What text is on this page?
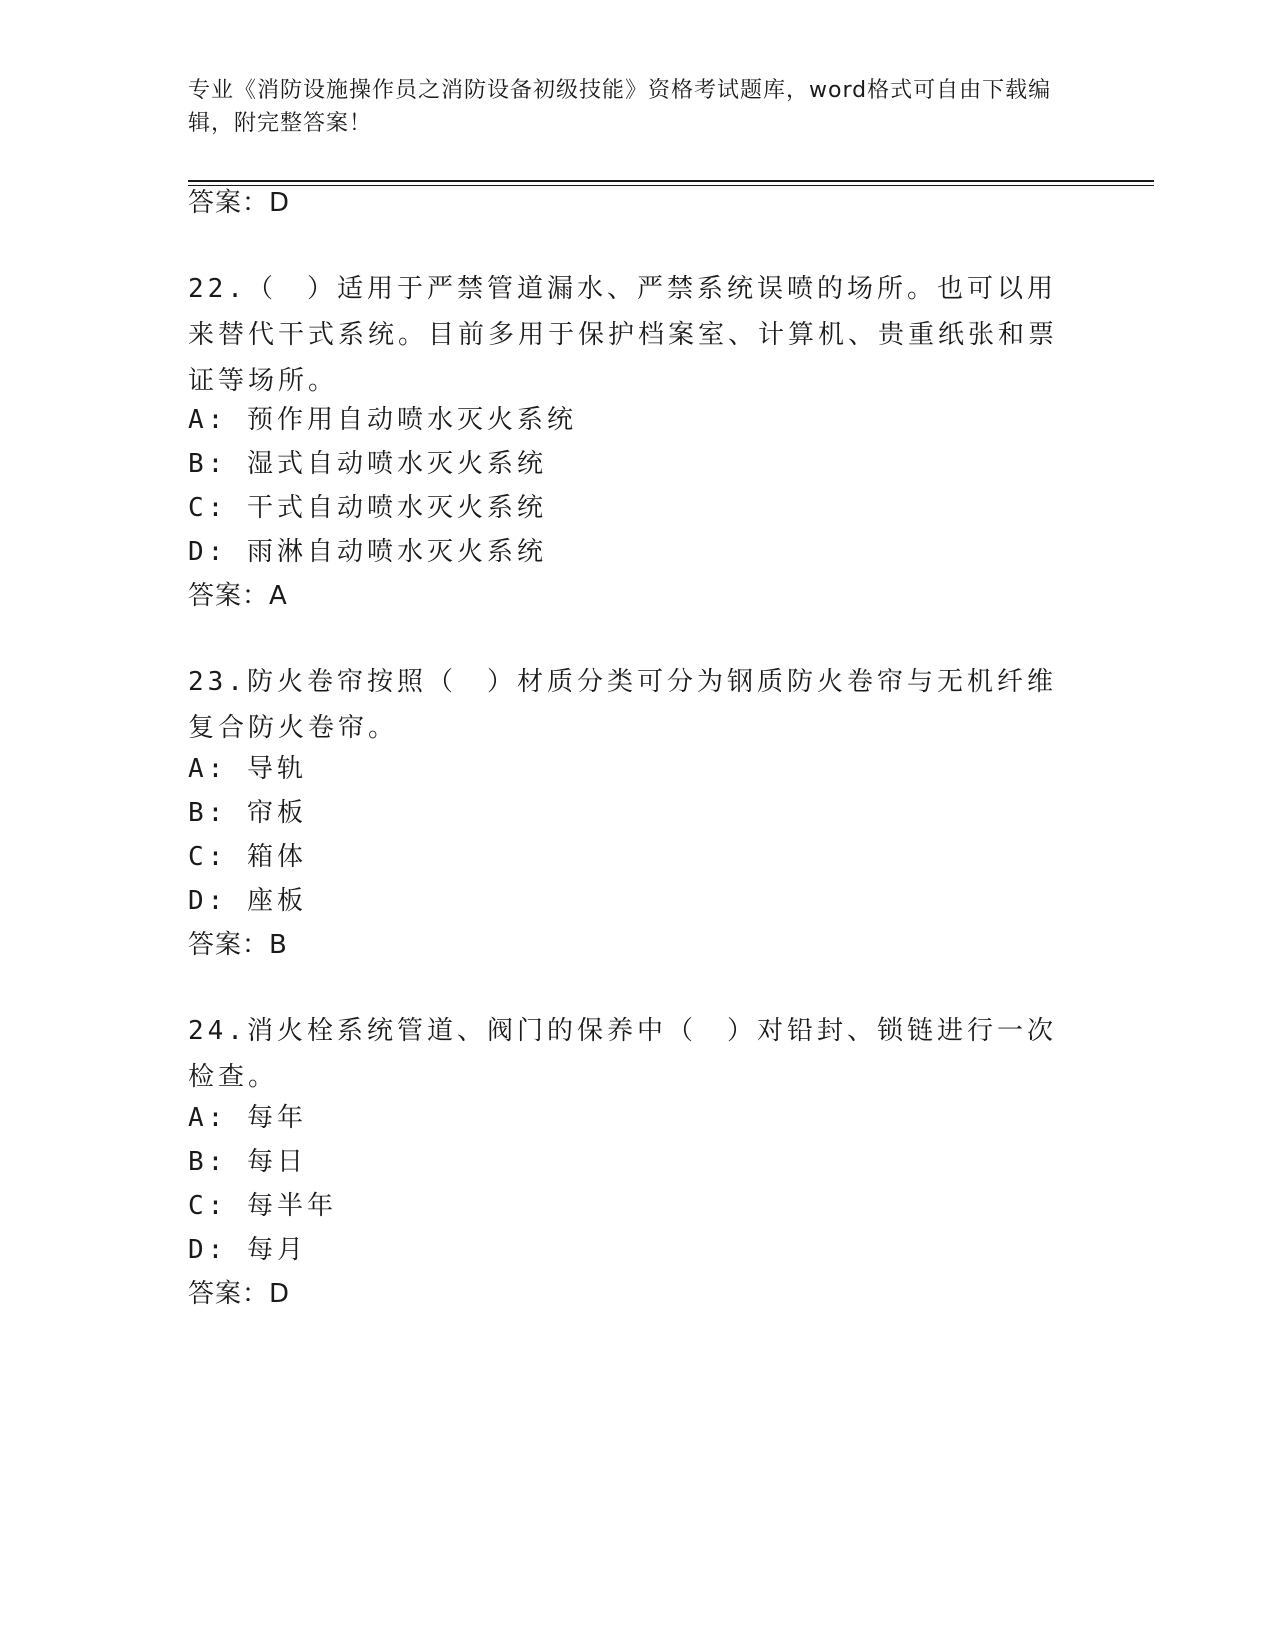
专业《消防设施操作员之消防设备初级技能》资格考试题库，word格式可自由下载编辑，附完整答案！
答案：D
22.（　）适用于严禁管道漏水、严禁系统误喷的场所。也可以用来替代干式系统。目前多用于保护档案室、计算机、贵重纸张和票证等场所。
A: 预作用自动喷水灭火系统
B: 湿式自动喷水灭火系统
C: 干式自动喷水灭火系统
D: 雨淋自动喷水灭火系统
答案：A
23.防火卷帘按照（　）材质分类可分为钢质防火卷帘与无机纤维复合防火卷帘。
A: 导轨
B: 帘板
C: 箱体
D: 座板
答案：B
24.消火栓系统管道、阀门的保养中（　）对铅封、锁链进行一次检查。
A: 每年
B: 每日
C: 每半年
D: 每月
答案：D
